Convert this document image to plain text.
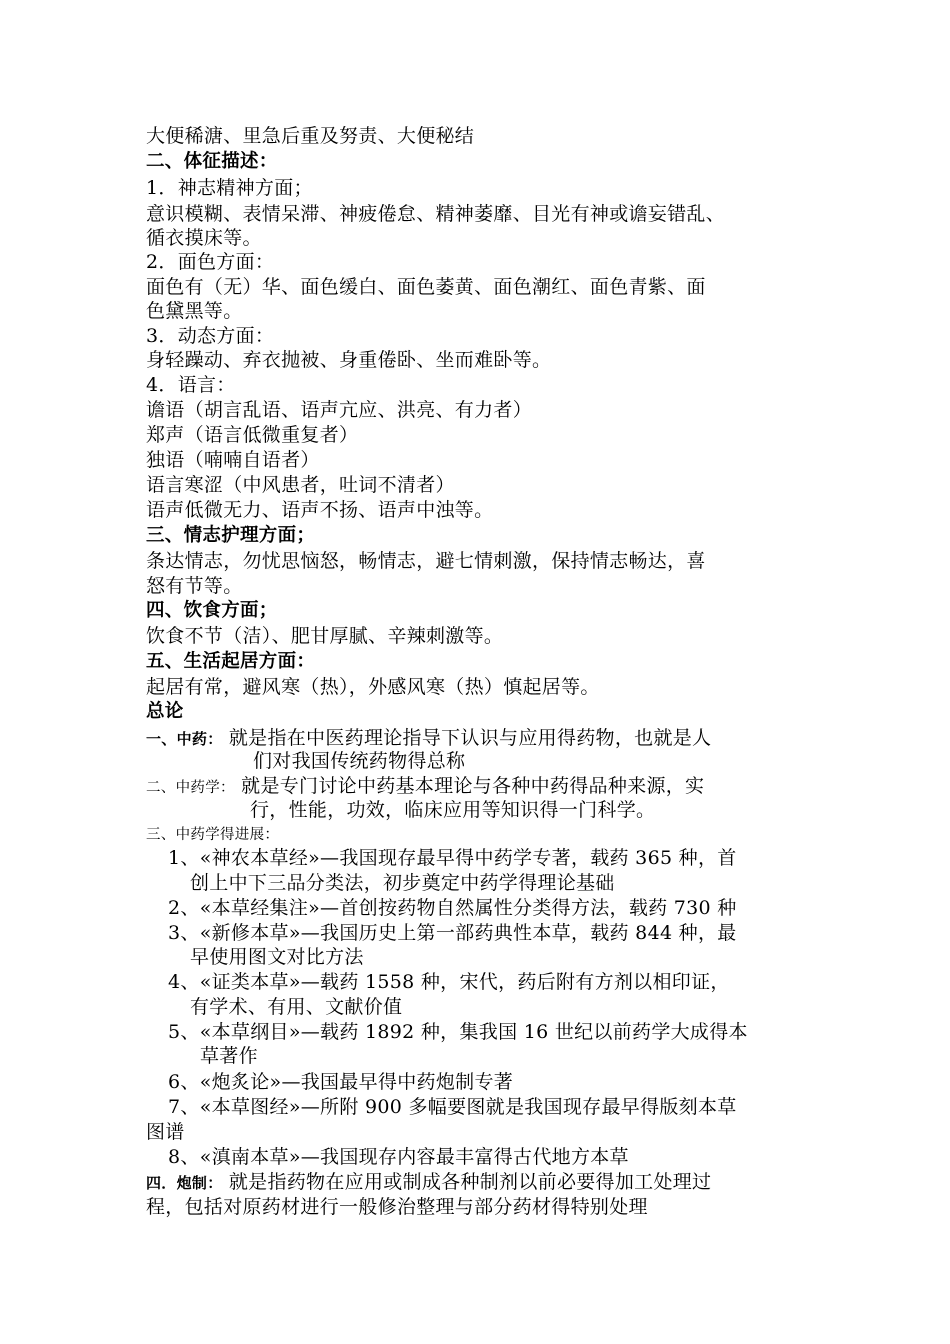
大便稀溏、里急后重及努责、大便秘结
二、体征描述：
1．神志精神方面；
意识模糊、表情呆滞、神疲倦怠、精神萎靡、目光有神或谵妄错乱、
循衣摸床等。
2．面色方面：
面色有（无）华、面色缓白、面色萎黄、面色潮红、面色青紫、面
色黛黑等。
3．动态方面：
身轻躁动、弃衣抛被、身重倦卧、坐而难卧等。
4．语言：
谵语（胡言乱语、语声亢应、洪亮、有力者）
郑声（语言低微重复者）
独语（喃喃自语者）
语言寒涩（中风患者，吐词不清者）
语声低微无力、语声不扬、语声中浊等。
三、情志护理方面；
条达情志，勿忧思恼怒，畅情志，避七情刺激，保持情志畅达，喜
怒有节等。
四、饮食方面；
饮食不节（洁）、肥甘厚腻、辛辣刺激等。
五、生活起居方面：
起居有常，避风寒（热），外感风寒（热）慎起居等。
总论
一、中药： 就是指在中医药理论指导下认识与应用得药物，也就是人
们对我国传统药物得总称
二、中药学： 就是专门讨论中药基本理论与各种中药得品种来源，实
行，性能，功效，临床应用等知识得一门科学。
三、中药学得进展：
1、«神农本草经»—我国现存最早得中药学专著，载药 365 种，首
创上中下三品分类法，初步奠定中药学得理论基础
2、«本草经集注»—首创按药物自然属性分类得方法，载药 730 种
3、«新修本草»—我国历史上第一部药典性本草，载药 844 种，最
早使用图文对比方法
4、«证类本草»—载药 1558 种，宋代，药后附有方剂以相印证，
有学术、有用、文献价值
5、«本草纲目»—载药 1892 种，集我国 16 世纪以前药学大成得本
草著作
6、«炮炙论»—我国最早得中药炮制专著
7、«本草图经»—所附 900 多幅要图就是我国现存最早得版刻本草
图谱
8、«滇南本草»—我国现存内容最丰富得古代地方本草
四．炮制： 就是指药物在应用或制成各种制剂以前必要得加工处理过
程，包括对原药材进行一般修治整理与部分药材得特别处理
